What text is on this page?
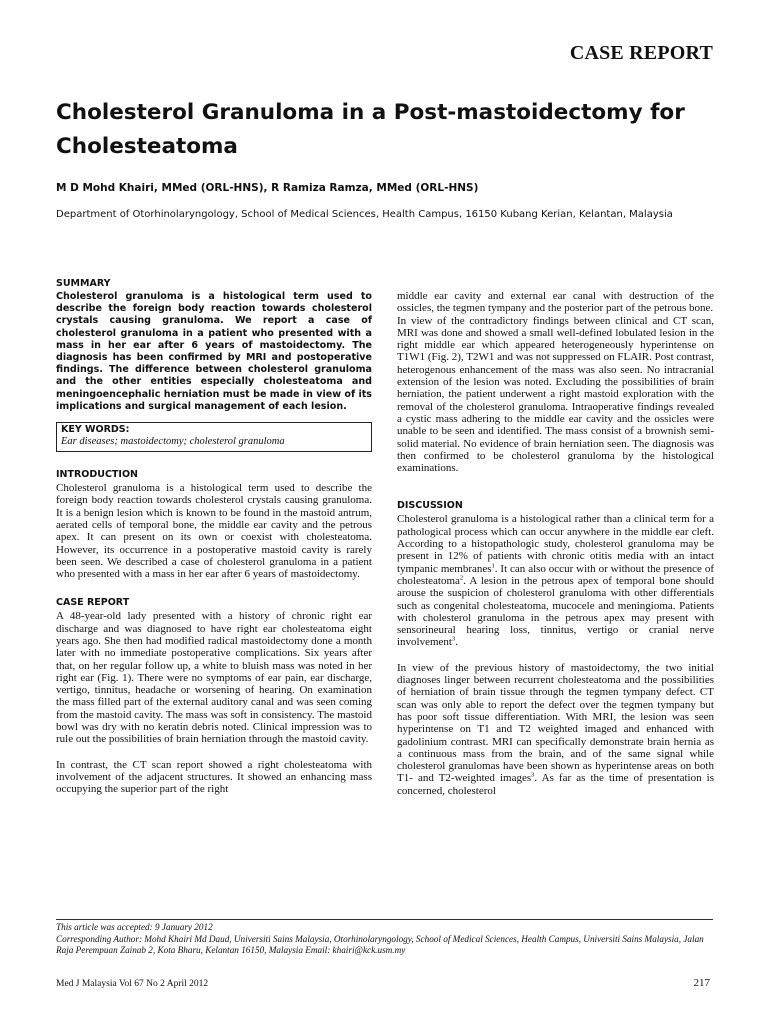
CASE REPORT
Cholesterol Granuloma in a Post-mastoidectomy for Cholesteatoma
M D Mohd Khairi, MMed (ORL-HNS), R Ramiza Ramza, MMed (ORL-HNS)
Department of Otorhinolaryngology, School of Medical Sciences, Health Campus, 16150 Kubang Kerian, Kelantan, Malaysia
SUMMARY

Cholesterol granuloma is a histological term used to describe the foreign body reaction towards cholesterol crystals causing granuloma. We report a case of cholesterol granuloma in a patient who presented with a mass in her ear after 6 years of mastoidectomy. The diagnosis has been confirmed by MRI and postoperative findings. The difference between cholesterol granuloma and the other entities especially cholesteatoma and meningoencephalic herniation must be made in view of its implications and surgical management of each lesion.

KEY WORDS:
Ear diseases; mastoidectomy; cholesterol granuloma
INTRODUCTION

Cholesterol granuloma is a histological term used to describe the foreign body reaction towards cholesterol crystals causing granuloma. It is a benign lesion which is known to be found in the mastoid antrum, aerated cells of temporal bone, the middle ear cavity and the petrous apex. It can present on its own or coexist with cholesteatoma. However, its occurrence in a postoperative mastoid cavity is rarely been seen. We described a case of cholesterol granuloma in a patient who presented with a mass in her ear after 6 years of mastoidectomy.

CASE REPORT

A 48-year-old lady presented with a history of chronic right ear discharge and was diagnosed to have right ear cholesteatoma eight years ago. She then had modified radical mastoidectomy done a month later with no immediate postoperative complications. Six years after that, on her regular follow up, a white to bluish mass was noted in her right ear (Fig. 1). There were no symptoms of ear pain, ear discharge, vertigo, tinnitus, headache or worsening of hearing. On examination the mass filled part of the external auditory canal and was seen coming from the mastoid cavity. The mass was soft in consistency. The mastoid bowl was dry with no keratin debris noted. Clinical impression was to rule out the possibilities of brain herniation through the mastoid cavity.

In contrast, the CT scan report showed a right cholesteatoma with involvement of the adjacent structures. It showed an enhancing mass occupying the superior part of the right

middle ear cavity and external ear canal with destruction of the ossicles, the tegmen tympany and the posterior part of the petrous bone.

In view of the contradictory findings between clinical and CT scan, MRI was done and showed a small well-defined lobulated lesion in the right middle ear which appeared heterogeneously hyperintense on T1W1 (Fig. 2), T2W1 and was not suppressed on FLAIR. Post contrast, heterogenous enhancement of the mass was also seen. No intracranial extension of the lesion was noted. Excluding the possibilities of brain herniation, the patient underwent a right mastoid exploration with the removal of the cholesterol granuloma. Intraoperative findings revealed a cystic mass adhering to the middle ear cavity and the ossicles were unable to be seen and identified. The mass consist of a brownish semi-solid material. No evidence of brain herniation seen. The diagnosis was then confirmed to be cholesterol granuloma by the histological examinations.

DISCUSSION

Cholesterol granuloma is a histological rather than a clinical term for a pathological process which can occur anywhere in the middle ear cleft. According to a histopathologic study, cholesterol granuloma may be present in 12% of patients with chronic otitis media with an intact tympanic membranes$^1$. It can also occur with or without the presence of cholesteatoma$^2$. A lesion in the petrous apex of temporal bone should arouse the suspicion of cholesterol granuloma with other differentials such as congenital cholesteatoma, mucocele and meningioma. Patients with cholesterol granuloma in the petrous apex may present with sensorineural hearing loss, tinnitus, vertigo or cranial nerve involvement$^3$.

In view of the previous history of mastoidectomy, the two initial diagnoses linger between recurrent cholesteatoma and the possibilities of herniation of brain tissue through the tegmen tympany defect. CT scan was only able to report the defect over the tegmen tympany but has poor soft tissue differentiation. With MRI, the lesion was seen hyperintense on T1 and T2 weighted imaged and enhanced with gadolinium contrast. MRI can specifically demonstrate brain hernia as a continuous mass from the brain, and of the same signal while cholesterol granulomas have been shown as hyperintense areas on both T1- and T2-weighted images$^3$. As far as the time of presentation is concerned, cholesterol

This article was accepted: 9 January 2012

Corresponding Author: Mohd Khairi Md Daud, Universiti Sains Malaysia, Otorhinolaryngology, School of Medical Sciences, Health Campus, Universiti Sains Malaysia, Jalan Raja Perempuan Zainab 2, Kota Bharu, Kelantan 16150, Malaysia Email: khairi@kck.usm.my

Med J Malaysia Vol 67 No 2 April 2012	217
